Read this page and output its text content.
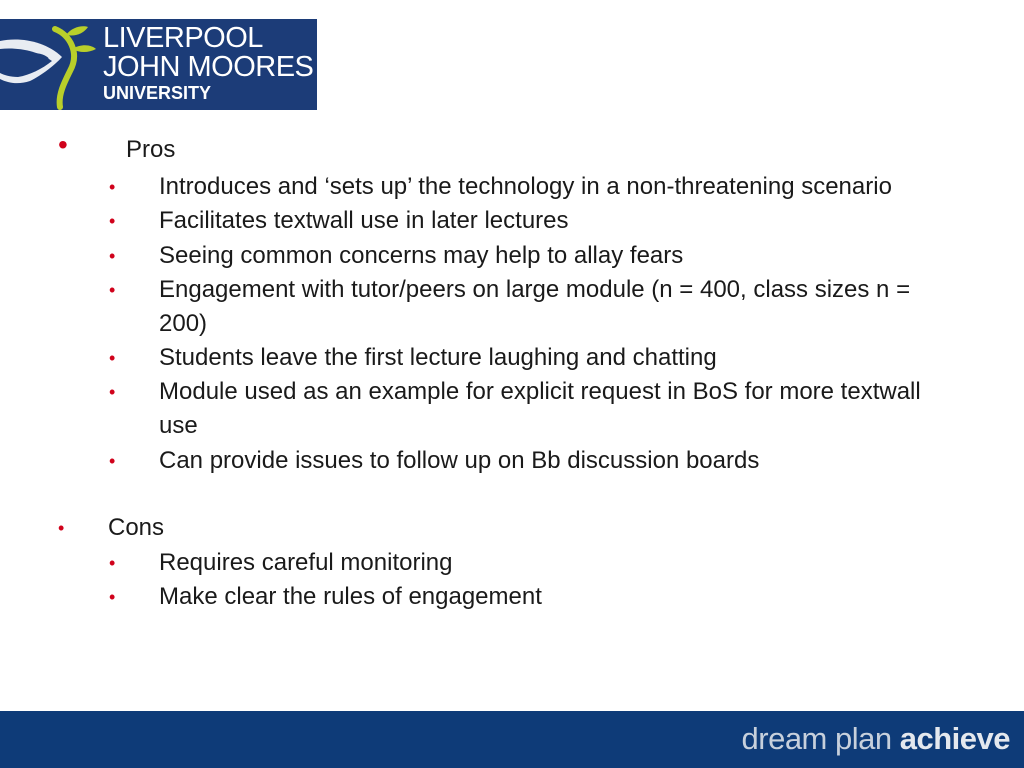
LIVERPOOL
JOHN MOORES
UNIVERSITY
• Pros
• Introduces and ‘sets up’ the technology in a non-threatening scenario
• Facilitates textwall use in later lectures
• Seeing common concerns may help to allay fears
• Engagement with tutor/peers on large module (n = 400, class sizes n =
200)
• Students leave the first lecture laughing and chatting
• Module used as an example for explicit request in BoS for more textwall
use
• Can provide issues to follow up on Bb discussion boards
• Cons
• Requires careful monitoring
• Make clear the rules of engagement
dream plan achieve
